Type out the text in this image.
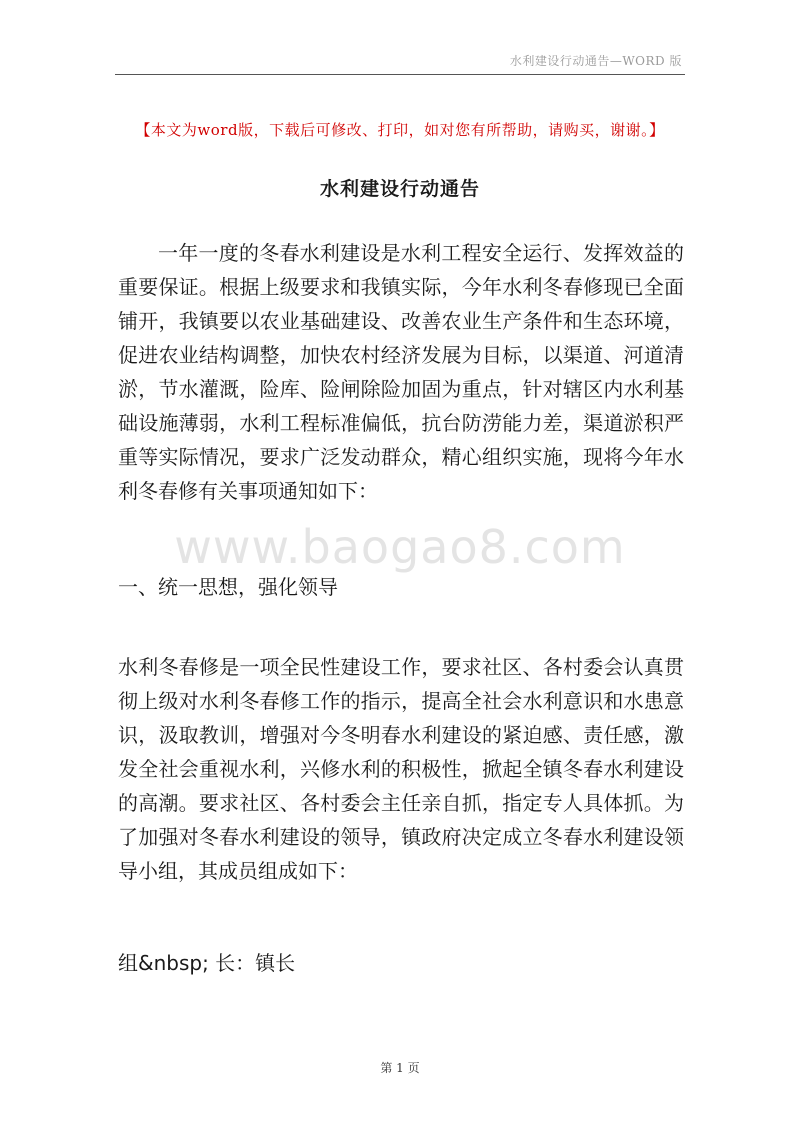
水利建设行动通告—WORD 版
【本文为word版，下载后可修改、打印，如对您有所帮助，请购买，谢谢。】
水利建设行动通告
一年一度的冬春水利建设是水利工程安全运行、发挥效益的重要保证。根据上级要求和我镇实际，今年水利冬春修现已全面铺开，我镇要以农业基础建设、改善农业生产条件和生态环境，促进农业结构调整，加快农村经济发展为目标，以渠道、河道清淤，节水灌溉，险库、险闸除险加固为重点，针对辖区内水利基础设施薄弱，水利工程标准偏低，抗台防涝能力差，渠道淤积严重等实际情况，要求广泛发动群众，精心组织实施，现将今年水利冬春修有关事项通知如下：
www.baogao8.com
一、统一思想，强化领导
水利冬春修是一项全民性建设工作，要求社区、各村委会认真贯彻上级对水利冬春修工作的指示，提高全社会水利意识和水患意识，汲取教训，增强对今冬明春水利建设的紧迫感、责任感，激发全社会重视水利，兴修水利的积极性，掀起全镇冬春水利建设的高潮。要求社区、各村委会主任亲自抓，指定专人具体抓。为了加强对冬春水利建设的领导，镇政府决定成立冬春水利建设领导小组，其成员组成如下：
组&nbsp; 长：镇长
第 1 页
